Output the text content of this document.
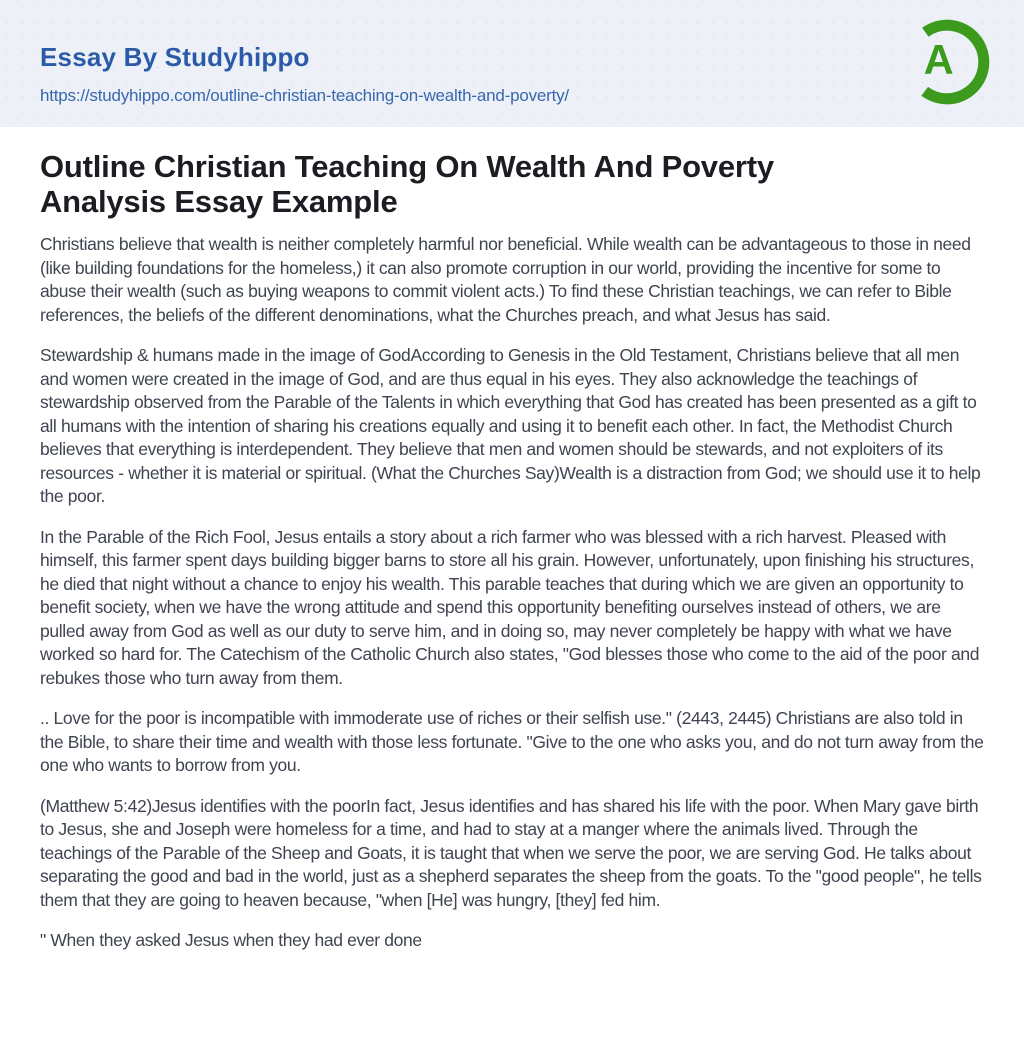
Essay By Studyhippo
https://studyhippo.com/outline-christian-teaching-on-wealth-and-poverty/
A
Outline Christian Teaching On Wealth And Poverty Analysis Essay Example

Christians believe that wealth is neither completely harmful nor beneficial. While wealth can be advantageous to those in need (like building foundations for the homeless,) it can also promote corruption in our world, providing the incentive for some to abuse their wealth (such as buying weapons to commit violent acts.) To find these Christian teachings, we can refer to Bible references, the beliefs of the different denominations, what the Churches preach, and what Jesus has said.

Stewardship & humans made in the image of GodAccording to Genesis in the Old Testament, Christians believe that all men and women were created in the image of God, and are thus equal in his eyes. They also acknowledge the teachings of stewardship observed from the Parable of the Talents in which everything that God has created has been presented as a gift to all humans with the intention of sharing his creations equally and using it to benefit each other. In fact, the Methodist Church believes that everything is interdependent. They believe that men and women should be stewards, and not exploiters of its resources - whether it is material or spiritual. (What the Churches Say)Wealth is a distraction from God; we should use it to help the poor.

In the Parable of the Rich Fool, Jesus entails a story about a rich farmer who was blessed with a rich harvest. Pleased with himself, this farmer spent days building bigger barns to store all his grain. However, unfortunately, upon finishing his structures, he died that night without a chance to enjoy his wealth. This parable teaches that during which we are given an opportunity to benefit society, when we have the wrong attitude and spend this opportunity benefiting ourselves instead of others, we are pulled away from God as well as our duty to serve him, and in doing so, may never completely be happy with what we have worked so hard for. The Catechism of the Catholic Church also states, "God blesses those who come to the aid of the poor and rebukes those who turn away from them.

.. Love for the poor is incompatible with immoderate use of riches or their selfish use." (2443, 2445) Christians are also told in the Bible, to share their time and wealth with those less fortunate. "Give to the one who asks you, and do not turn away from the one who wants to borrow from you.

(Matthew 5:42)Jesus identifies with the poorIn fact, Jesus identifies and has shared his life with the poor. When Mary gave birth to Jesus, she and Joseph were homeless for a time, and had to stay at a manger where the animals lived. Through the teachings of the Parable of the Sheep and Goats, it is taught that when we serve the poor, we are serving God. He talks about separating the good and bad in the world, just as a shepherd separates the sheep from the goats. To the "good people", he tells them that they are going to heaven because, "when [He] was hungry, [they] fed him.

" When they asked Jesus when they had ever done
